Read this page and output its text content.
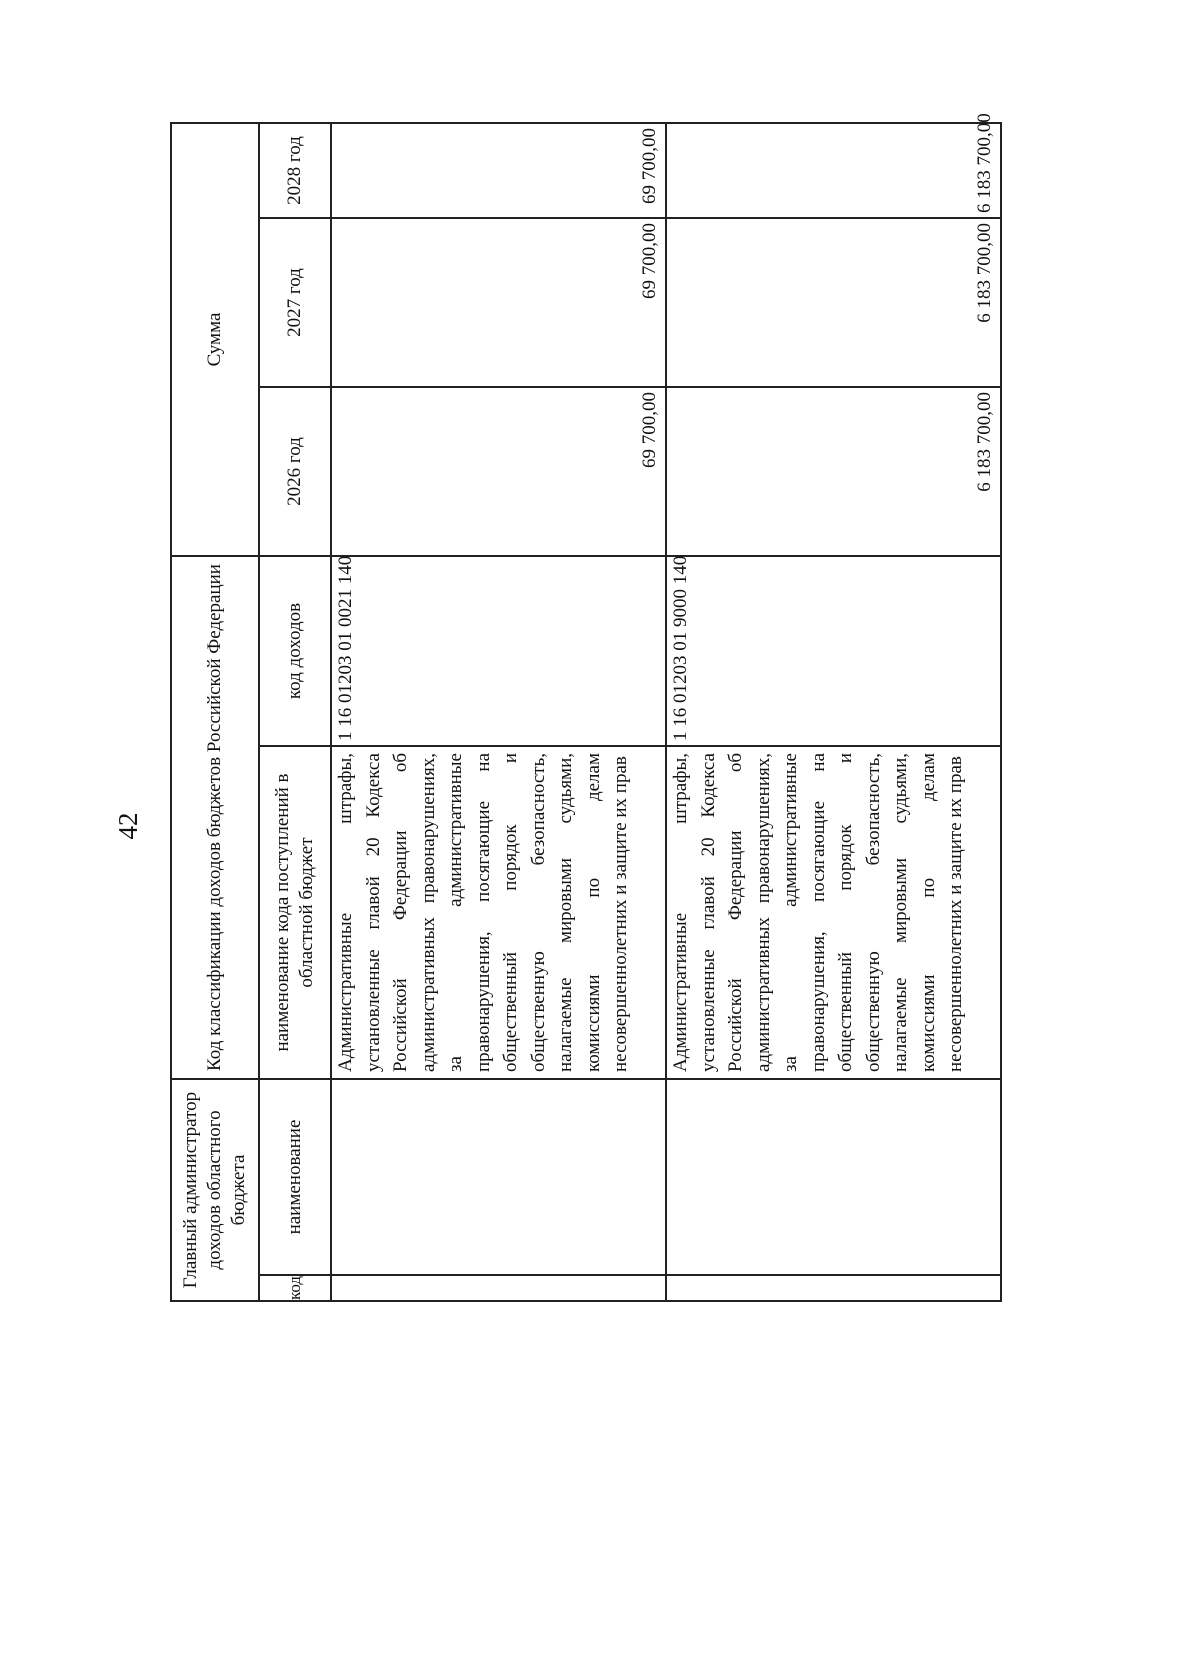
42
Главный администратор доходов областного бюджета		Код классификации доходов бюджетов Российской Федерации		Сумма		

код	наименование	наименование кода поступлений в областной бюджет	код доходов	2026 год	2027 год	2028 год
		Административные штрафы, установленные главой 20 Кодекса Российской Федерации об административных правонарушениях, за административные правонарушения, посягающие на общественный порядок и общественную безопасность, налагаемые мировыми судьями, комиссиями по делам несовершеннолетних и защите их прав	1 16 01203 01 0021 140	69 700,00	69 700,00	69 700,00
		Административные штрафы, установленные главой 20 Кодекса Российской Федерации об административных правонарушениях, за административные правонарушения, посягающие на общественный порядок и общественную безопасность, налагаемые мировыми судьями, комиссиями по делам несовершеннолетних и защите их прав	1 16 01203 01 9000 140	6 183 700,00	6 183 700,00	6 183 700,00
